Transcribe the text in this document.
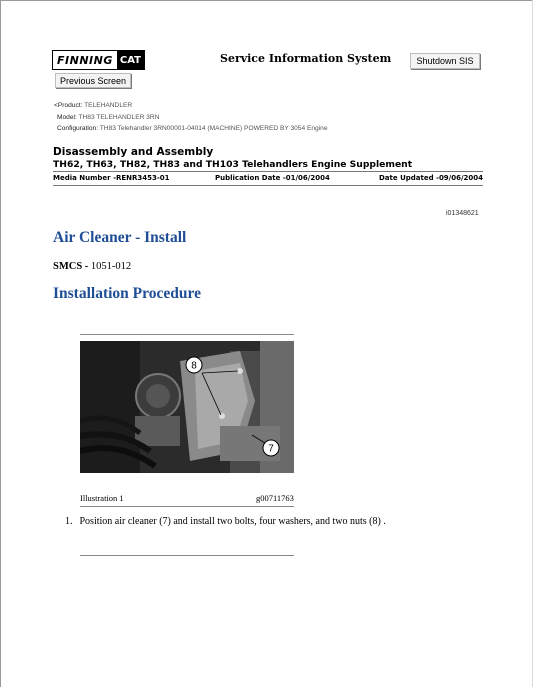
FINNING CAT	Service Information System	Shutdown SIS
Previous Screen
<Product: TELEHANDLER
Model: TH83 TELEHANDLER 3RN
Configuration: TH83 Telehandler 3RN00001-04014 (MACHINE) POWERED BY 3054 Engine
Disassembly and Assembly
TH62, TH63, TH82, TH83 and TH103 Telehandlers Engine Supplement
Media Number -RENR3453-01	Publication Date -01/06/2004	Date Updated -09/06/2004
i01348621
Air Cleaner - Install
SMCS - 1051-012
Installation Procedure
8
7
Illustration 1	g00711763
1. Position air cleaner (7) and install two bolts, four washers, and two nuts (8) .
